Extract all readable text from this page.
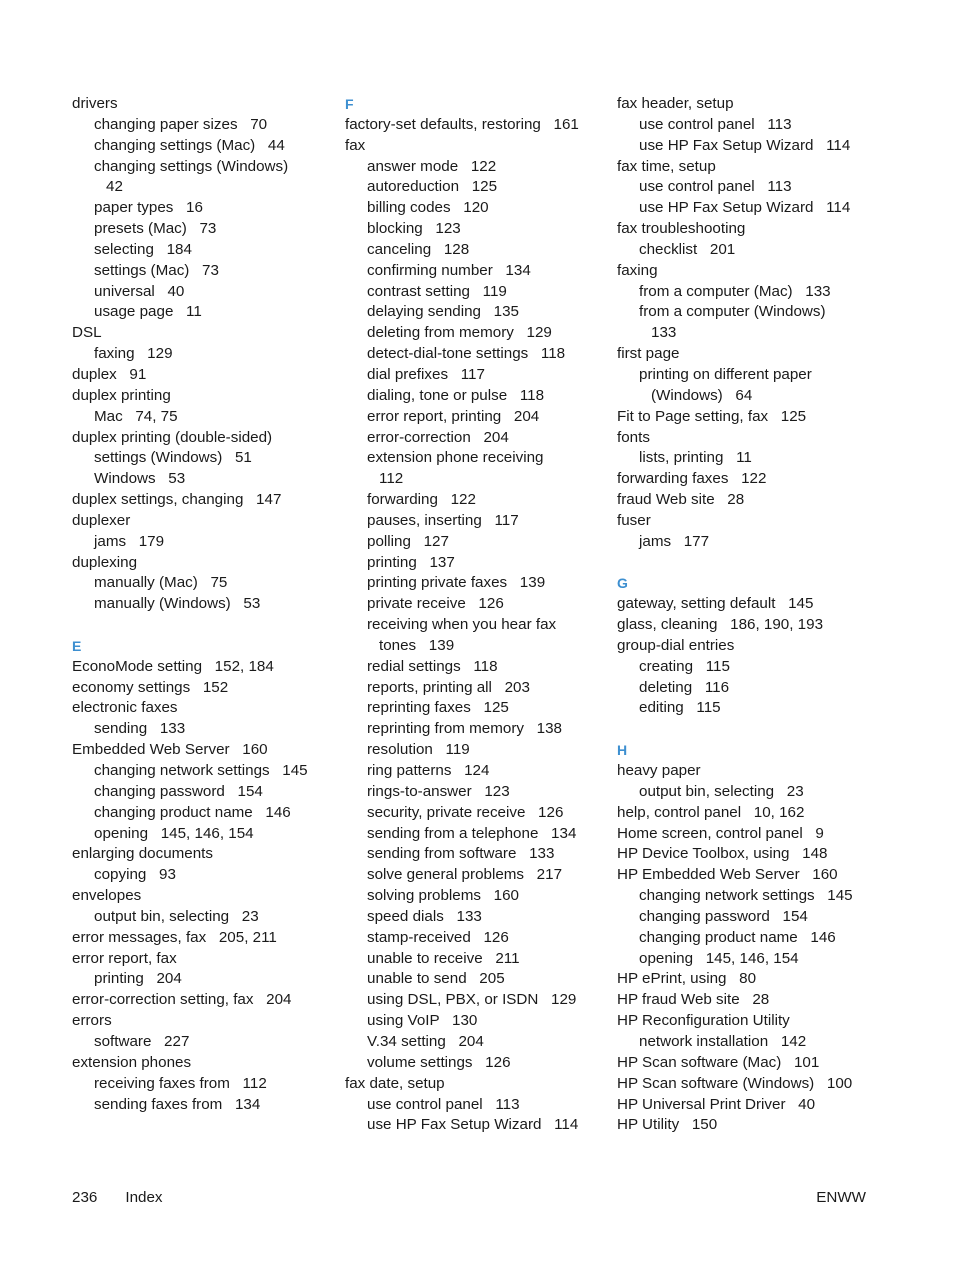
drivers
changing paper sizes   70
changing settings (Mac)   44
changing settings (Windows)
42
paper types   16
presets (Mac)   73
selecting   184
settings (Mac)   73
universal   40
usage page   11
DSL
faxing   129
duplex   91
duplex printing
Mac   74, 75
duplex printing (double-sided)
settings (Windows)   51
Windows   53
duplex settings, changing   147
duplexer
jams   179
duplexing
manually (Mac)   75
manually (Windows)   53
E
EconoMode setting   152, 184
economy settings   152
electronic faxes
sending   133
Embedded Web Server   160
changing network settings   145
changing password   154
changing product name   146
opening   145, 146, 154
enlarging documents
copying   93
envelopes
output bin, selecting   23
error messages, fax   205, 211
error report, fax
printing   204
error-correction setting, fax   204
errors
software   227
extension phones
receiving faxes from   112
sending faxes from   134
F
factory-set defaults, restoring   161
fax
answer mode   122
autoreduction   125
billing codes   120
blocking   123
canceling   128
confirming number   134
contrast setting   119
delaying sending   135
deleting from memory   129
detect-dial-tone settings   118
dial prefixes   117
dialing, tone or pulse   118
error report, printing   204
error-correction   204
extension phone receiving
112
forwarding   122
pauses, inserting   117
polling   127
printing   137
printing private faxes   139
private receive   126
receiving when you hear fax
tones   139
redial settings   118
reports, printing all   203
reprinting faxes   125
reprinting from memory   138
resolution   119
ring patterns   124
rings-to-answer   123
security, private receive   126
sending from a telephone   134
sending from software   133
solve general problems   217
solving problems   160
speed dials   133
stamp-received   126
unable to receive   211
unable to send   205
using DSL, PBX, or ISDN   129
using VoIP   130
V.34 setting   204
volume settings   126
fax date, setup
use control panel   113
use HP Fax Setup Wizard   114
fax header, setup
use control panel   113
use HP Fax Setup Wizard   114
fax time, setup
use control panel   113
use HP Fax Setup Wizard   114
fax troubleshooting
checklist   201
faxing
from a computer (Mac)   133
from a computer (Windows)
133
first page
printing on different paper
(Windows)   64
Fit to Page setting, fax   125
fonts
lists, printing   11
forwarding faxes   122
fraud Web site   28
fuser
jams   177
G
gateway, setting default   145
glass, cleaning   186, 190, 193
group-dial entries
creating   115
deleting   116
editing   115
H
heavy paper
output bin, selecting   23
help, control panel   10, 162
Home screen, control panel   9
HP Device Toolbox, using   148
HP Embedded Web Server   160
changing network settings   145
changing password   154
changing product name   146
opening   145, 146, 154
HP ePrint, using   80
HP fraud Web site   28
HP Reconfiguration Utility
network installation   142
HP Scan software (Mac)   101
HP Scan software (Windows)   100
HP Universal Print Driver   40
HP Utility   150
236 Index	ENWW
